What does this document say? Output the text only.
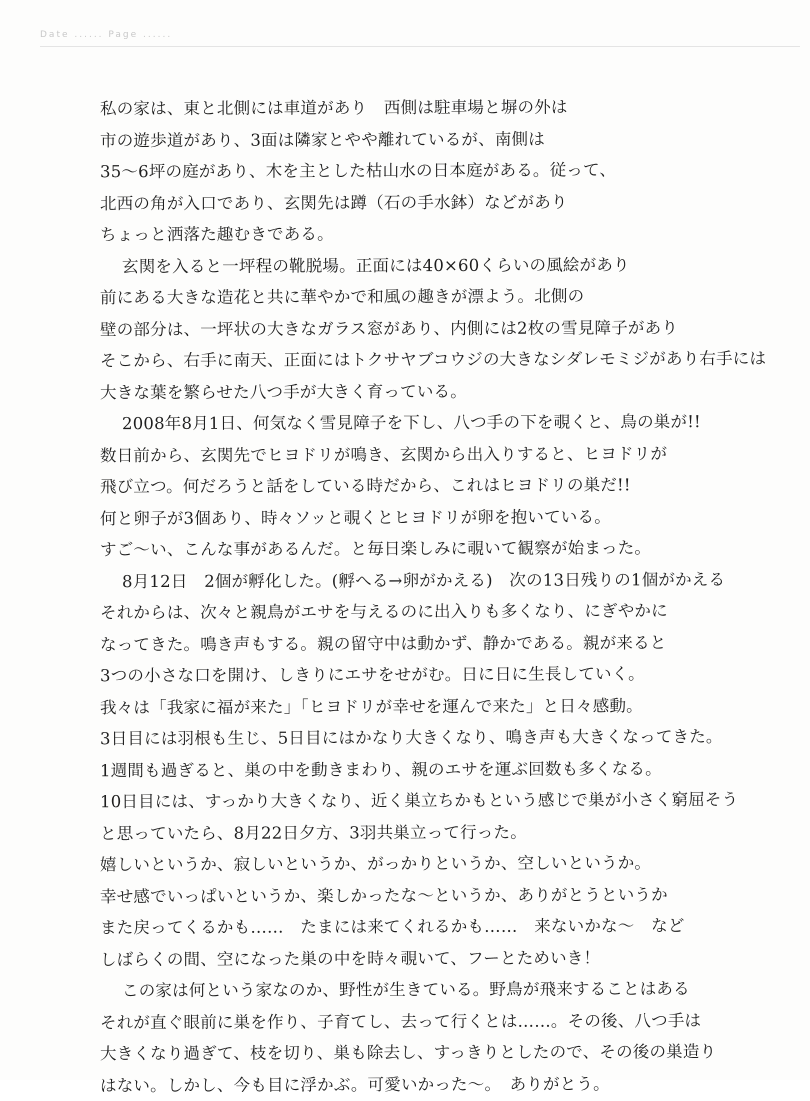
Date ...... Page ......
私の家は、東と北側には車道があり　西側は駐車場と塀の外は
市の遊歩道があり、3面は隣家とやや離れているが、南側は
35〜6坪の庭があり、木を主とした枯山水の日本庭がある。従って、
北西の角が入口であり、玄関先は蹲（石の手水鉢）などがあり
ちょっと洒落た趣むきである。
玄関を入ると一坪程の靴脱場。正面には40×60くらいの風絵があり
前にある大きな造花と共に華やかで和風の趣きが漂よう。北側の
壁の部分は、一坪状の大きなガラス窓があり、内側には2枚の雪見障子があり
そこから、右手に南天、正面にはトクサヤブコウジの大きなシダレモミジがあり右手には
大きな葉を繁らせた八つ手が大きく育っている。
2008年8月1日、何気なく雪見障子を下し、八つ手の下を覗くと、鳥の巣が!!
数日前から、玄関先でヒヨドリが鳴き、玄関から出入りすると、ヒヨドリが
飛び立つ。何だろうと話をしている時だから、これはヒヨドリの巣だ!!
何と卵子が3個あり、時々ソッと覗くとヒヨドリが卵を抱いている。
すご〜い、こんな事があるんだ。と毎日楽しみに覗いて観察が始まった。
8月12日　2個が孵化した。(孵へる→卵がかえる)　次の13日残りの1個がかえる
それからは、次々と親鳥がエサを与えるのに出入りも多くなり、にぎやかに
なってきた。鳴き声もする。親の留守中は動かず、静かである。親が来ると
3つの小さな口を開け、しきりにエサをせがむ。日に日に生長していく。
我々は「我家に福が来た」「ヒヨドリが幸せを運んで来た」と日々感動。
3日目には羽根も生じ、5日目にはかなり大きくなり、鳴き声も大きくなってきた。
1週間も過ぎると、巣の中を動きまわり、親のエサを運ぶ回数も多くなる。
10日目には、すっかり大きくなり、近く巣立ちかもという感じで巣が小さく窮屈そう
と思っていたら、8月22日夕方、3羽共巣立って行った。
嬉しいというか、寂しいというか、がっかりというか、空しいというか。
幸せ感でいっぱいというか、楽しかったな〜というか、ありがとうというか
また戻ってくるかも……　たまには来てくれるかも……　来ないかな〜　など
しばらくの間、空になった巣の中を時々覗いて、フーとためいき！
この家は何という家なのか、野性が生きている。野鳥が飛来することはある
それが直ぐ眼前に巣を作り、子育てし、去って行くとは……。その後、八つ手は
大きくなり過ぎて、枝を切り、巣も除去し、すっきりとしたので、その後の巣造り
はない。しかし、今も目に浮かぶ。可愛いかった〜。　ありがとう。
